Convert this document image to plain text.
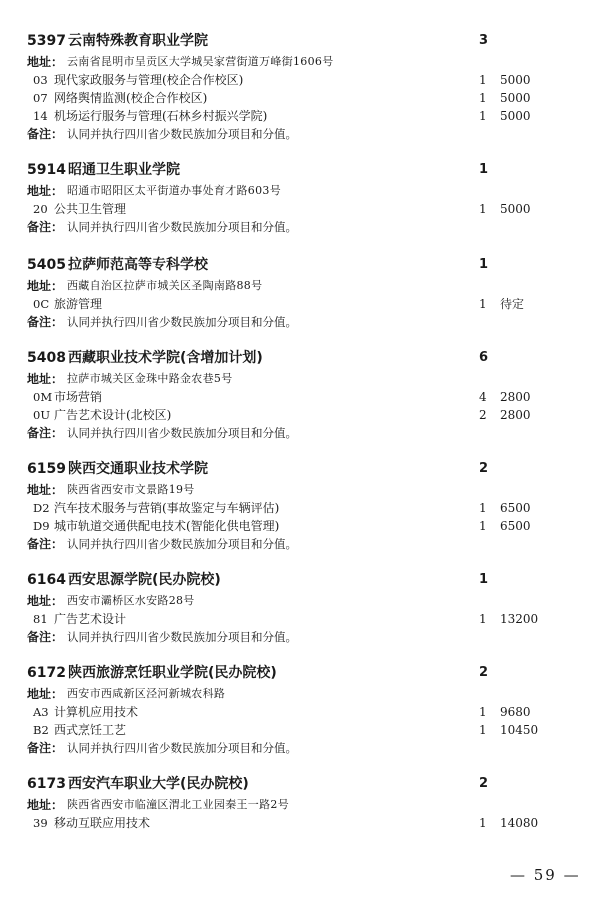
5397 云南特殊教育职业学院	3
地址： 云南省昆明市呈贡区大学城吴家营街道万峰街1606号
03 现代家政服务与管理(校企合作校区)	1 5000
07 网络舆情监测(校企合作校区)	1 5000
14 机场运行服务与管理(石林乡村振兴学院)	1 5000
备注： 认同并执行四川省少数民族加分项目和分值。
5914 昭通卫生职业学院	1
地址： 昭通市昭阳区太平街道办事处育才路603号
20 公共卫生管理	1 5000
备注： 认同并执行四川省少数民族加分项目和分值。
5405 拉萨师范高等专科学校	1
地址： 西藏自治区拉萨市城关区圣陶南路88号
0C 旅游管理	1 待定
备注： 认同并执行四川省少数民族加分项目和分值。
5408 西藏职业技术学院(含增加计划)	6
地址： 拉萨市城关区金珠中路金农巷5号
0M 市场营销	4 2800
0U 广告艺术设计(北校区)	2 2800
备注： 认同并执行四川省少数民族加分项目和分值。
6159 陕西交通职业技术学院	2
地址： 陕西省西安市文景路19号
D2 汽车技术服务与营销(事故鉴定与车辆评估)	1 6500
D9 城市轨道交通供配电技术(智能化供电管理)	1 6500
备注： 认同并执行四川省少数民族加分项目和分值。
6164 西安思源学院(民办院校)	1
地址： 西安市灞桥区水安路28号
81 广告艺术设计	1 13200
备注： 认同并执行四川省少数民族加分项目和分值。
6172 陕西旅游烹饪职业学院(民办院校)	2
地址： 西安市西咸新区泾河新城农科路
A3 计算机应用技术	1 9680
B2 西式烹饪工艺	1 10450
备注： 认同并执行四川省少数民族加分项目和分值。
6173 西安汽车职业大学(民办院校)	2
地址： 陕西省西安市临潼区渭北工业园秦王一路2号
39 移动互联应用技术	1 14080
— 59 —
